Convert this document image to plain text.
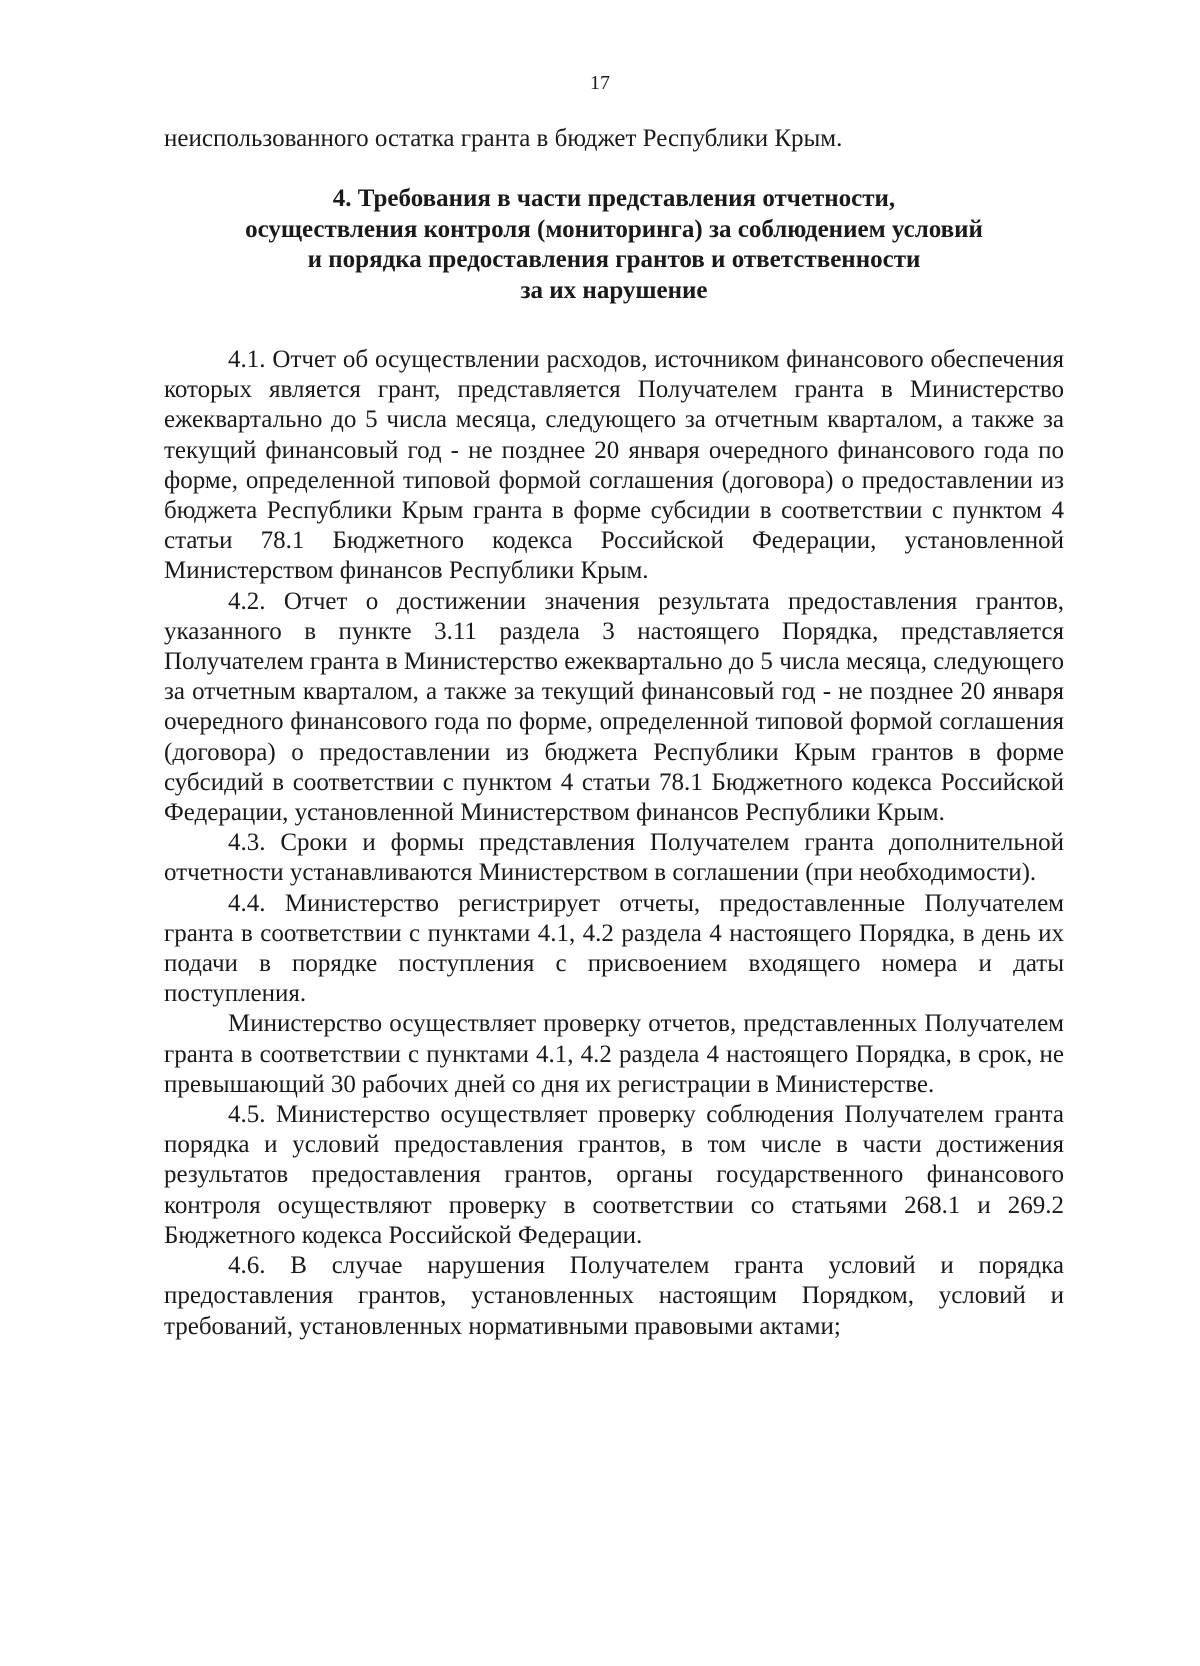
17
неиспользованного остатка гранта в бюджет Республики Крым.
4. Требования в части представления отчетности,
осуществления контроля (мониторинга) за соблюдением условий
и порядка предоставления грантов и ответственности
за их нарушение

4.1. Отчет об осуществлении расходов, источником финансового обеспечения которых является грант, представляется Получателем гранта в Министерство ежеквартально до 5 числа месяца, следующего за отчетным кварталом, а также за текущий финансовый год - не позднее 20 января очередного финансового года по форме, определенной типовой формой соглашения (договора) о предоставлении из бюджета Республики Крым гранта в форме субсидии в соответствии с пунктом 4 статьи 78.1 Бюджетного кодекса Российской Федерации, установленной Министерством финансов Республики Крым.

4.2. Отчет о достижении значения результата предоставления грантов, указанного в пункте 3.11 раздела 3 настоящего Порядка, представляется Получателем гранта в Министерство ежеквартально до 5 числа месяца, следующего за отчетным кварталом, а также за текущий финансовый год - не позднее 20 января очередного финансового года по форме, определенной типовой формой соглашения (договора) о предоставлении из бюджета Республики Крым грантов в форме субсидий в соответствии с пунктом 4 статьи 78.1 Бюджетного кодекса Российской Федерации, установленной Министерством финансов Республики Крым.

4.3. Сроки и формы представления Получателем гранта дополнительной отчетности устанавливаются Министерством в соглашении (при необходимости).

4.4. Министерство регистрирует отчеты, предоставленные Получателем гранта в соответствии с пунктами 4.1, 4.2 раздела 4 настоящего Порядка, в день их подачи в порядке поступления с присвоением входящего номера и даты поступления.

Министерство осуществляет проверку отчетов, представленных Получателем гранта в соответствии с пунктами 4.1, 4.2 раздела 4 настоящего Порядка, в срок, не превышающий 30 рабочих дней со дня их регистрации в Министерстве.

4.5. Министерство осуществляет проверку соблюдения Получателем гранта порядка и условий предоставления грантов, в том числе в части достижения результатов предоставления грантов, органы государственного финансового контроля осуществляют проверку в соответствии со статьями 268.1 и 269.2 Бюджетного кодекса Российской Федерации.

4.6. В случае нарушения Получателем гранта условий и порядка предоставления грантов, установленных настоящим Порядком, условий и требований, установленных нормативными правовыми актами;
